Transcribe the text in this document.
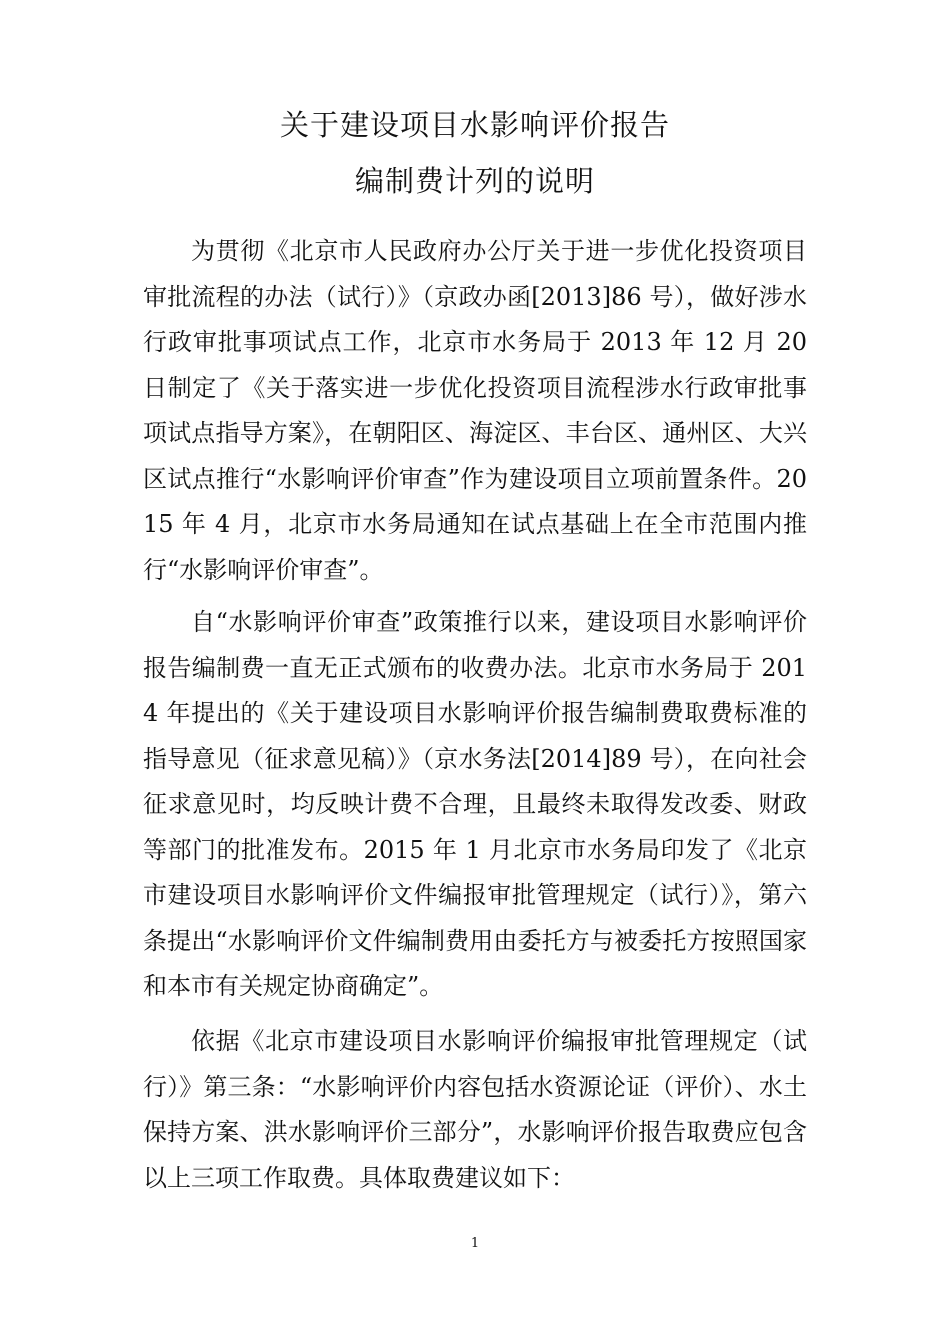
关于建设项目水影响评价报告
编制费计列的说明

为贯彻《北京市人民政府办公厅关于进一步优化投资项目审批流程的办法（试行）》（京政办函[2013]86 号），做好涉水行政审批事项试点工作，北京市水务局于 2013 年 12 月 20 日制定了《关于落实进一步优化投资项目流程涉水行政审批事项试点指导方案》，在朝阳区、海淀区、丰台区、通州区、大兴区试点推行“水影响评价审查”作为建设项目立项前置条件。2015 年 4 月，北京市水务局通知在试点基础上在全市范围内推行“水影响评价审查”。

自“水影响评价审查”政策推行以来，建设项目水影响评价报告编制费一直无正式颁布的收费办法。北京市水务局于 2014 年提出的《关于建设项目水影响评价报告编制费取费标准的指导意见（征求意见稿）》（京水务法[2014]89 号），在向社会征求意见时，均反映计费不合理，且最终未取得发改委、财政等部门的批准发布。2015 年 1 月北京市水务局印发了《北京市建设项目水影响评价文件编报审批管理规定（试行）》，第六条提出“水影响评价文件编制费用由委托方与被委托方按照国家和本市有关规定协商确定”。

依据《北京市建设项目水影响评价编报审批管理规定（试行）》第三条：“水影响评价内容包括水资源论证（评价）、水土保持方案、洪水影响评价三部分”，水影响评价报告取费应包含以上三项工作取费。具体取费建议如下：

1
